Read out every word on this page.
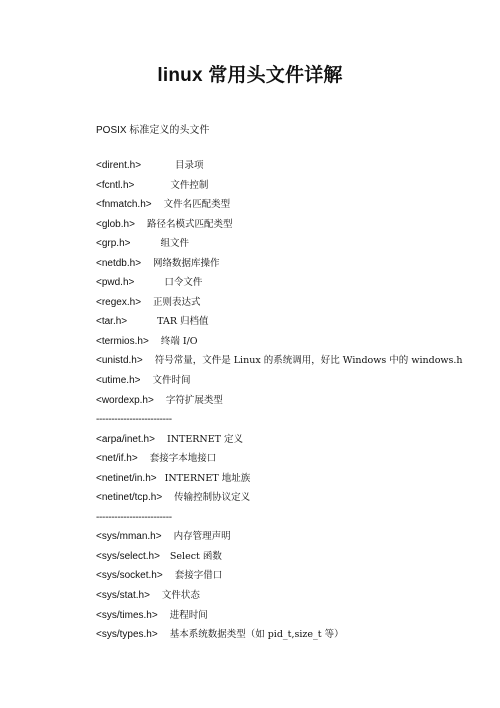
linux 常用头文件详解

POSIX 标准定义的头文件

<dirent.h>	目录项
<fcntl.h>	文件控制
<fnmatch.h> 文件名匹配类型
<glob.h> 路径名模式匹配类型
<grp.h>	组文件
<netdb.h> 网络数据库操作
<pwd.h>	口令文件
<regex.h> 正则表达式
<tar.h>	TAR 归档值
<termios.h> 终端 I/O
<unistd.h> 符号常量，文件是 Linux 的系统调用，好比 Windows 中的 windows.h
<utime.h> 文件时间
<wordexp.h> 字符扩展类型
-------------------------
<arpa/inet.h> INTERNET 定义
<net/if.h> 套接字本地接口
<netinet/in.h> INTERNET 地址族
<netinet/tcp.h> 传输控制协议定义
-------------------------
<sys/mman.h> 内存管理声明
<sys/select.h> Select 函数
<sys/socket.h> 套接字借口
<sys/stat.h> 文件状态
<sys/times.h> 进程时间
<sys/types.h> 基本系统数据类型（如 pid_t,size_t 等）
